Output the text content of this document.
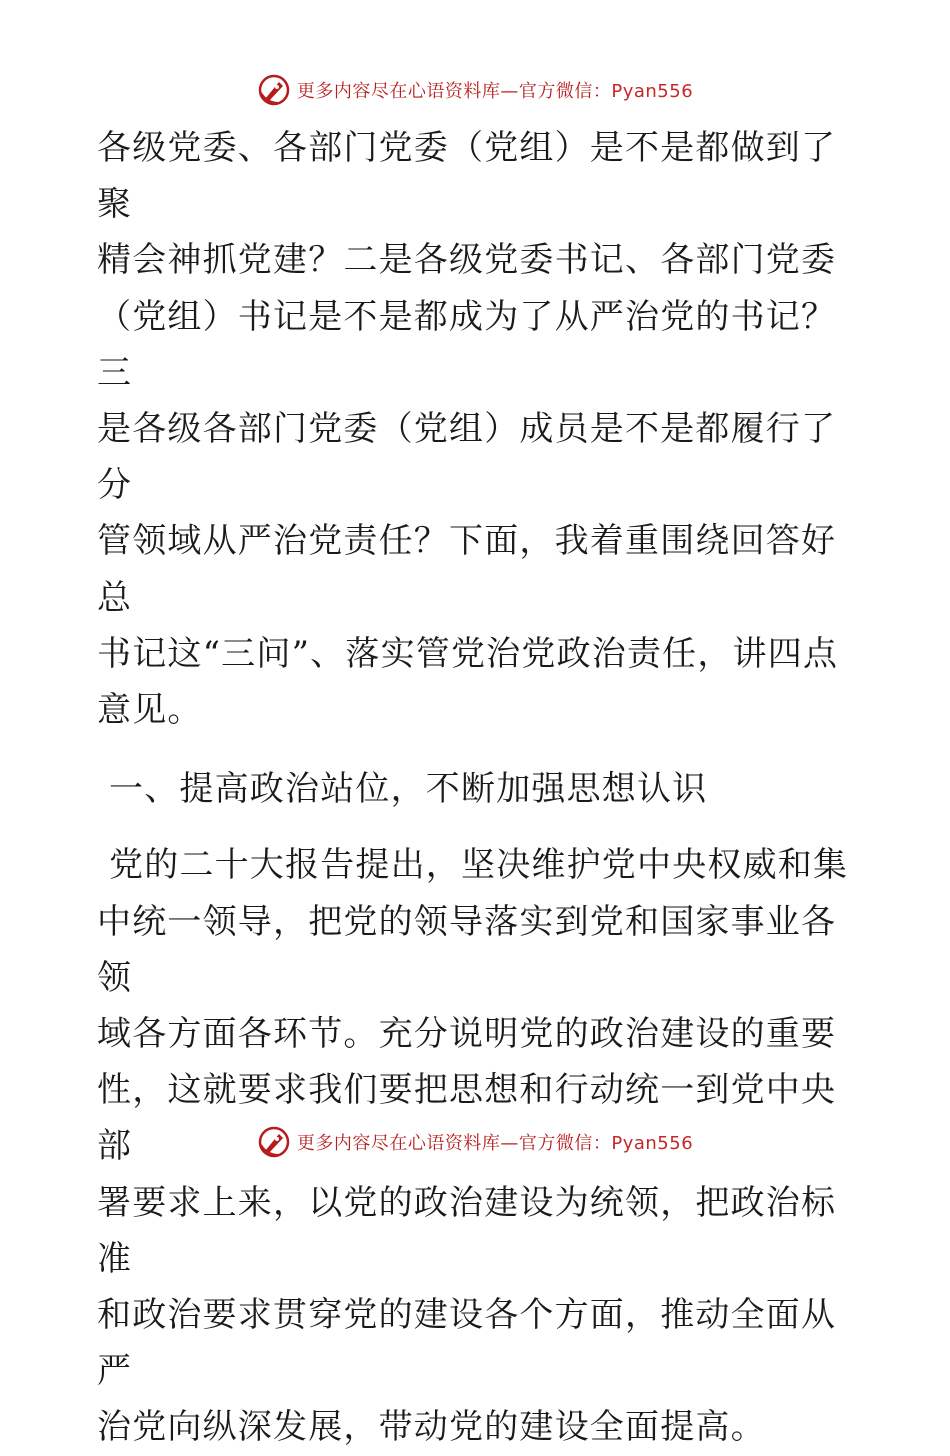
更多内容尽在心语资料库—官方微信：Pyan556

各级党委、各部门党委（党组）是不是都做到了聚
精会神抓党建？二是各级党委书记、各部门党委
（党组）书记是不是都成为了从严治党的书记？三
是各级各部门党委（党组）成员是不是都履行了分
管领域从严治党责任？下面，我着重围绕回答好总
书记这“三问”、落实管党治党政治责任，讲四点
意见。

一、提高政治站位，不断加强思想认识

党的二十大报告提出，坚决维护党中央权威和集
中统一领导，把党的领导落实到党和国家事业各领
域各方面各环节。充分说明党的政治建设的重要
性，这就要求我们要把思想和行动统一到党中央部
署要求上来，以党的政治建设为统领，把政治标准
和政治要求贯穿党的建设各个方面，推动全面从严
治党向纵深发展，带动党的建设全面提高。

更多内容尽在心语资料库—官方微信：Pyan556
